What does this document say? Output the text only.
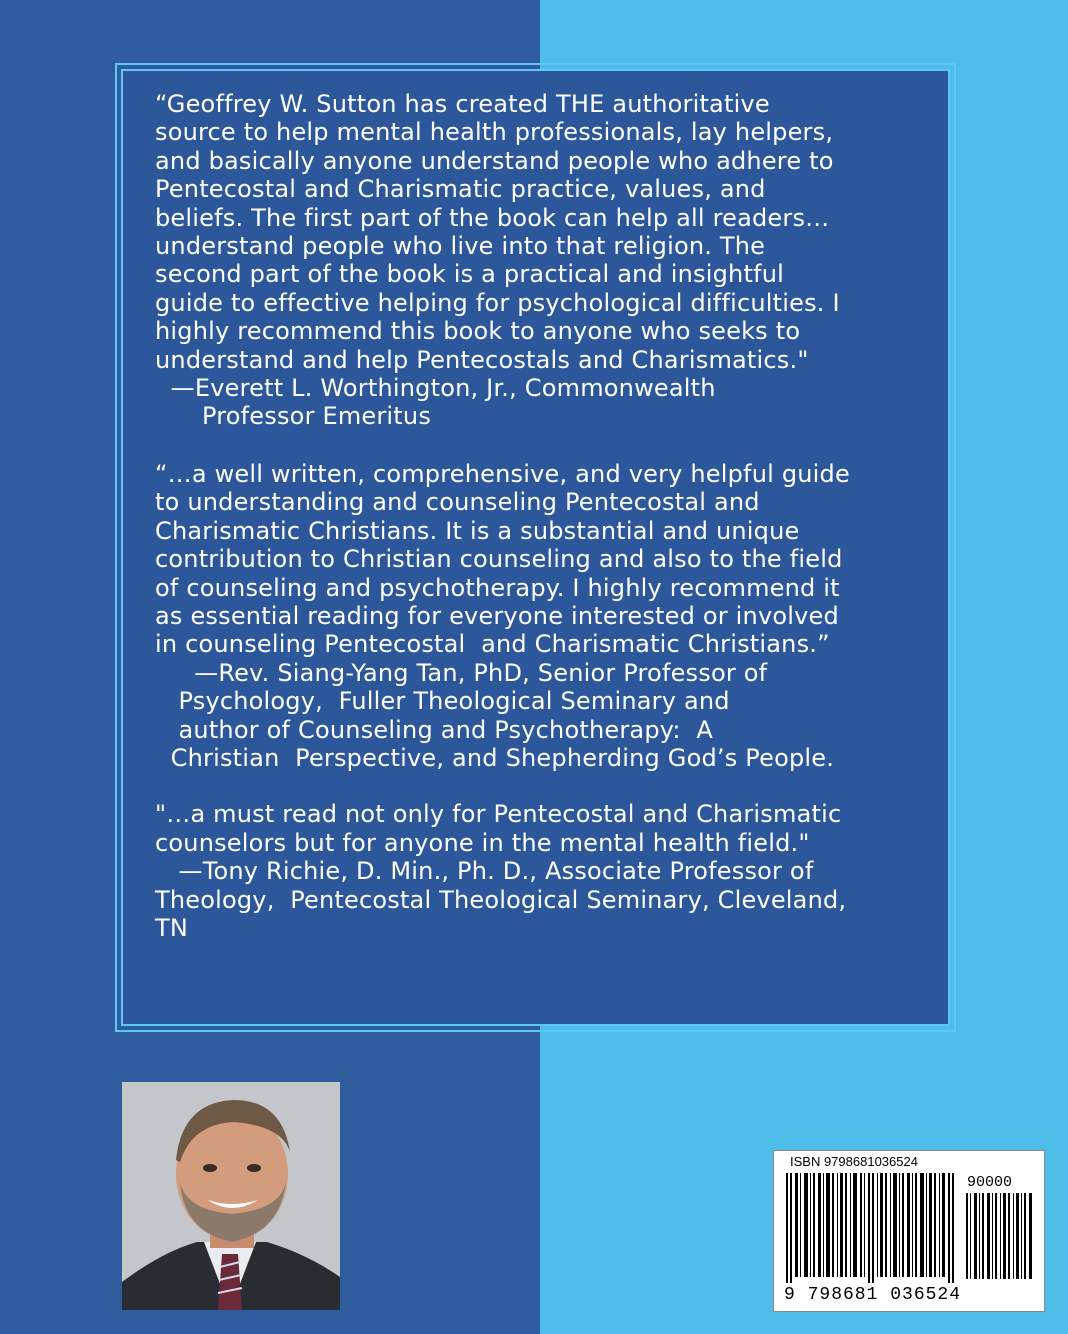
“Geoffrey W. Sutton has created THE authoritative

source to help mental health professionals, lay helpers,

and basically anyone understand people who adhere to

Pentecostal and Charismatic practice, values, and

beliefs. The first part of the book can help all readers…

understand people who live into that religion. The

second part of the book is a practical and insightful

guide to effective helping for psychological difficulties. I

highly recommend this book to anyone who seeks to

understand and help Pentecostals and Charismatics."

—Everett L. Worthington, Jr., Commonwealth

Professor Emeritus

“…a well written, comprehensive, and very helpful guide

to understanding and counseling Pentecostal and

Charismatic Christians. It is a substantial and unique

contribution to Christian counseling and also to the field

of counseling and psychotherapy. I highly recommend it

as essential reading for everyone interested or involved

in counseling Pentecostal  and Charismatic Christians.”

—Rev. Siang-Yang Tan, PhD, Senior Professor of

Psychology,  Fuller Theological Seminary and

author of Counseling and Psychotherapy:  A

Christian  Perspective, and Shepherding God’s People.

"…a must read not only for Pentecostal and Charismatic

counselors but for anyone in the mental health field."

—Tony Richie, D. Min., Ph. D., Associate Professor of

Theology,  Pentecostal Theological Seminary, Cleveland,

TN

ISBN 9798681036524
90000
9 798681 036524
